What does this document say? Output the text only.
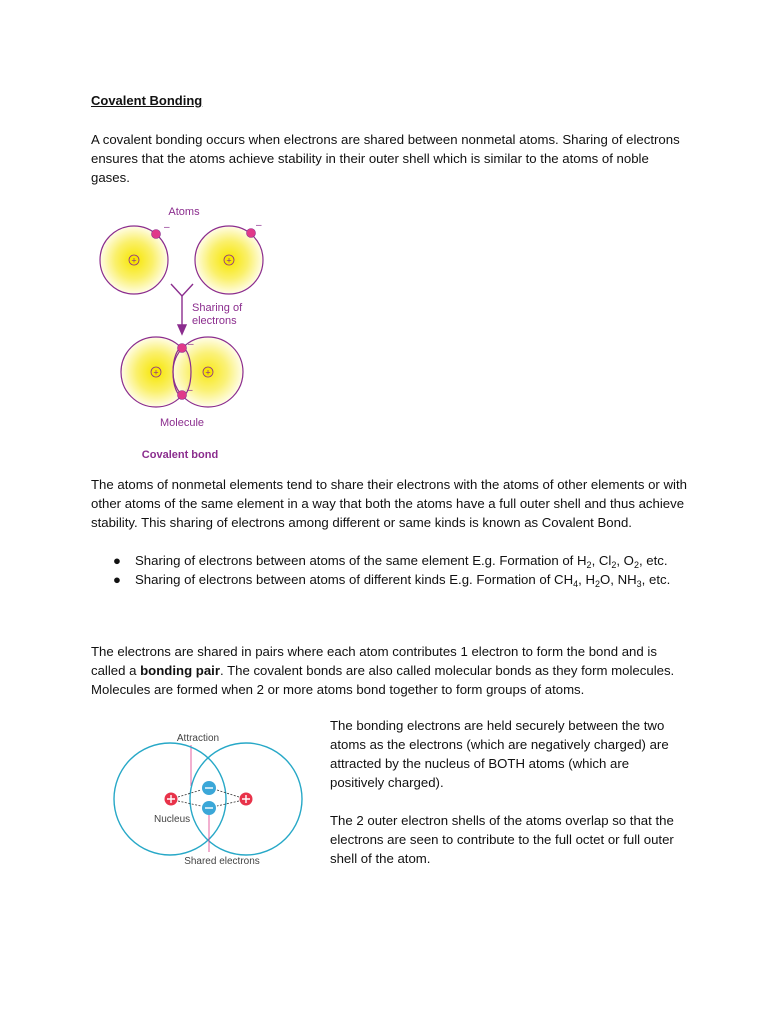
Covalent Bonding

A covalent bonding occurs when electrons are shared between nonmetal atoms. Sharing of electrons ensures that the atoms achieve stability in their outer shell which is similar to the atoms of noble gases.

Atoms
+
–
+
–
Sharing of
electrons
+	+
–
–
Molecule
Covalent bond

The atoms of nonmetal elements tend to share their electrons with the atoms of other elements or with other atoms of the same element in a way that both the atoms have a full outer shell and thus achieve stability. This sharing of electrons among different or same kinds is known as Covalent Bond.

● Sharing of electrons between atoms of the same element E.g. Formation of $H_2$, $Cl_2$, $O_2$, etc.
● Sharing of electrons between atoms of different kinds E.g. Formation of $CH_4$, $H_2O$, $NH_3$, etc.

The electrons are shared in pairs where each atom contributes 1 electron to form the bond and is called a bonding pair. The covalent bonds are also called molecular bonds as they form molecules. Molecules are formed when 2 or more atoms bond together to form groups of atoms.

Attraction
Nucleus
Shared electrons

The bonding electrons are held securely between the two atoms as the electrons (which are negatively charged) are attracted by the nucleus of BOTH atoms (which are positively charged).

The 2 outer electron shells of the atoms overlap so that the electrons are seen to contribute to the full octet or full outer shell of the atom.
